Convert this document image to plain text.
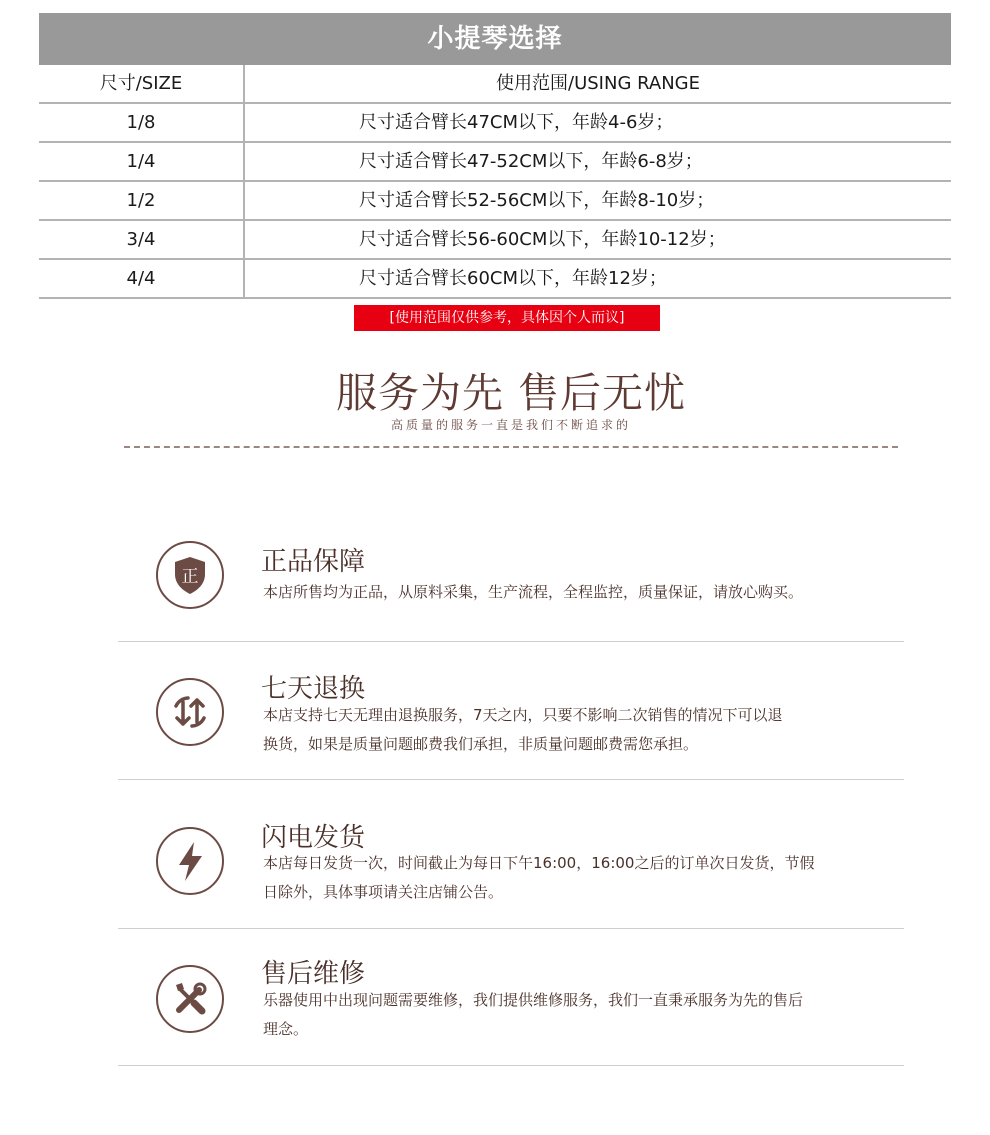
小提琴选择
尺寸/SIZE	使用范围/USING RANGE
1/8	尺寸适合臂长47CM以下，年龄4-6岁；
1/4	尺寸适合臂长47-52CM以下，年龄6-8岁；
1/2	尺寸适合臂长52-56CM以下，年龄8-10岁；
3/4	尺寸适合臂长56-60CM以下，年龄10-12岁；
4/4	尺寸适合臂长60CM以下，年龄12岁；
[使用范围仅供参考，具体因个人而议]
服务为先 售后无忧
高质量的服务一直是我们不断追求的
正 正品保障
本店所售均为正品，从原料采集，生产流程，全程监控，质量保证，请放心购买。
七天退换
本店支持七天无理由退换服务，7天之内，只要不影响二次销售的情况下可以退
换货，如果是质量问题邮费我们承担，非质量问题邮费需您承担。
闪电发货
本店每日发货一次，时间截止为每日下午16:00，16:00之后的订单次日发货，节假
日除外，具体事项请关注店铺公告。
售后维修
乐器使用中出现问题需要维修，我们提供维修服务，我们一直秉承服务为先的售后
理念。
